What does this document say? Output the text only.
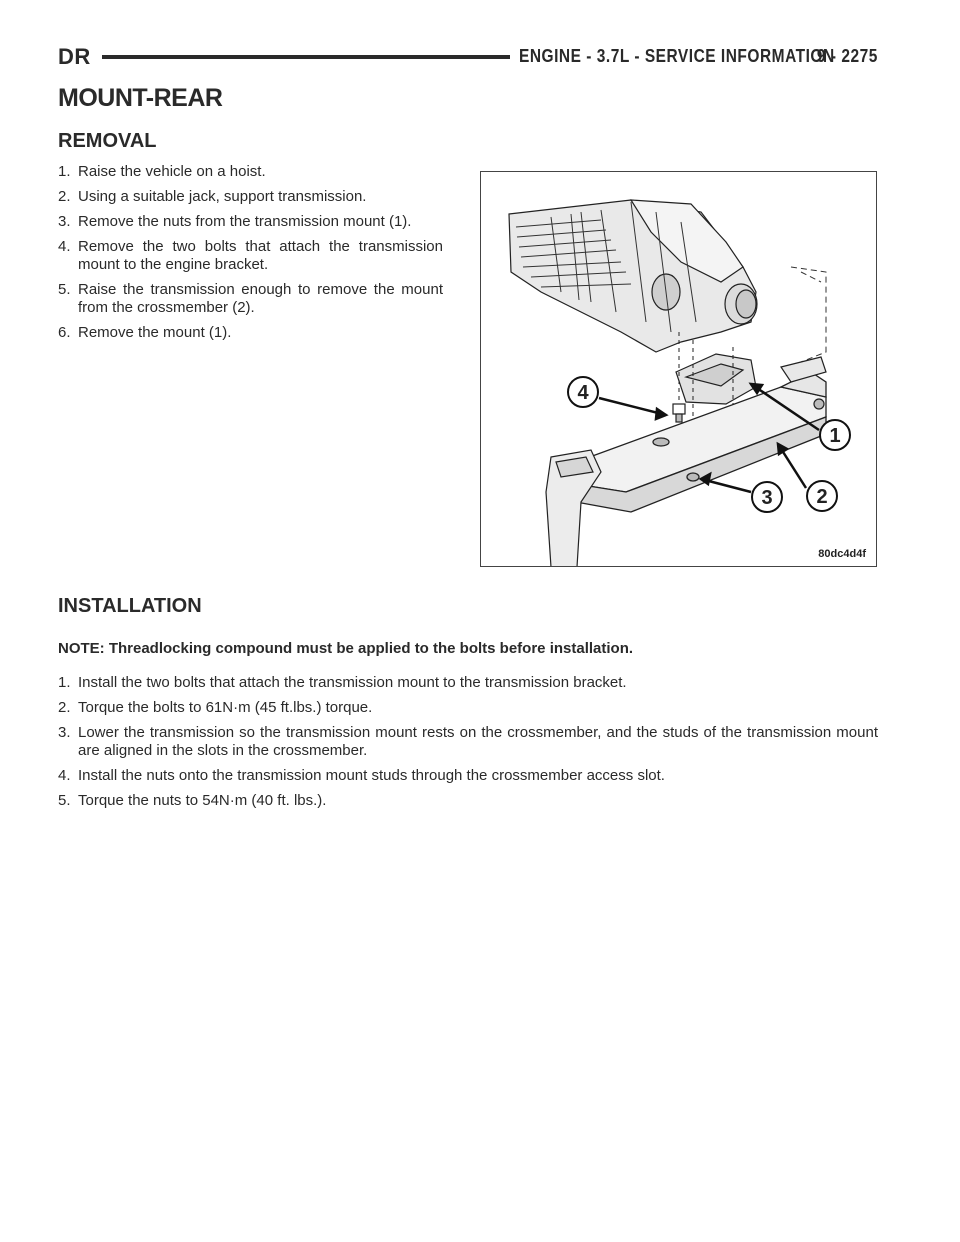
DR	ENGINE - 3.7L - SERVICE INFORMATION
9 - 2275
MOUNT-REAR
REMOVAL
1. Raise the vehicle on a hoist.
2. Using a suitable jack, support transmission.
3. Remove the nuts from the transmission mount (1).
4. Remove the two bolts that attach the transmission mount to the engine bracket.
5. Raise the transmission enough to remove the mount from the crossmember (2).
6. Remove the mount (1).
4
1
3 2
80dc4d4f
INSTALLATION
NOTE: Threadlocking compound must be applied to the bolts before installation.
1. Install the two bolts that attach the transmission mount to the transmission bracket.
2. Torque the bolts to 61N·m (45 ft.lbs.) torque.
3. Lower the transmission so the transmission mount rests on the crossmember, and the studs of the transmission mount are aligned in the slots in the crossmember.
4. Install the nuts onto the transmission mount studs through the crossmember access slot.
5. Torque the nuts to 54N·m (40 ft. lbs.).
